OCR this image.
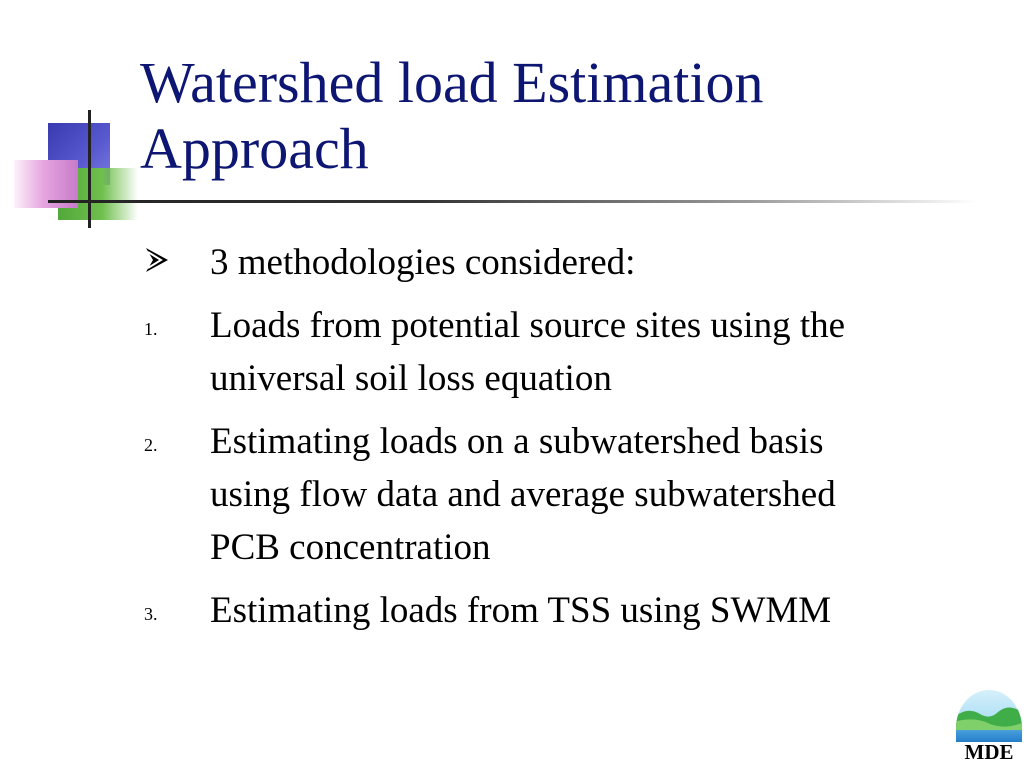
Watershed load Estimation
Approach
3 methodologies considered:
1. Loads from potential source sites using the
universal soil loss equation
2. Estimating loads on a subwatershed basis
using flow data and average subwatershed
PCB concentration
3. Estimating loads from TSS using SWMM
MDE
